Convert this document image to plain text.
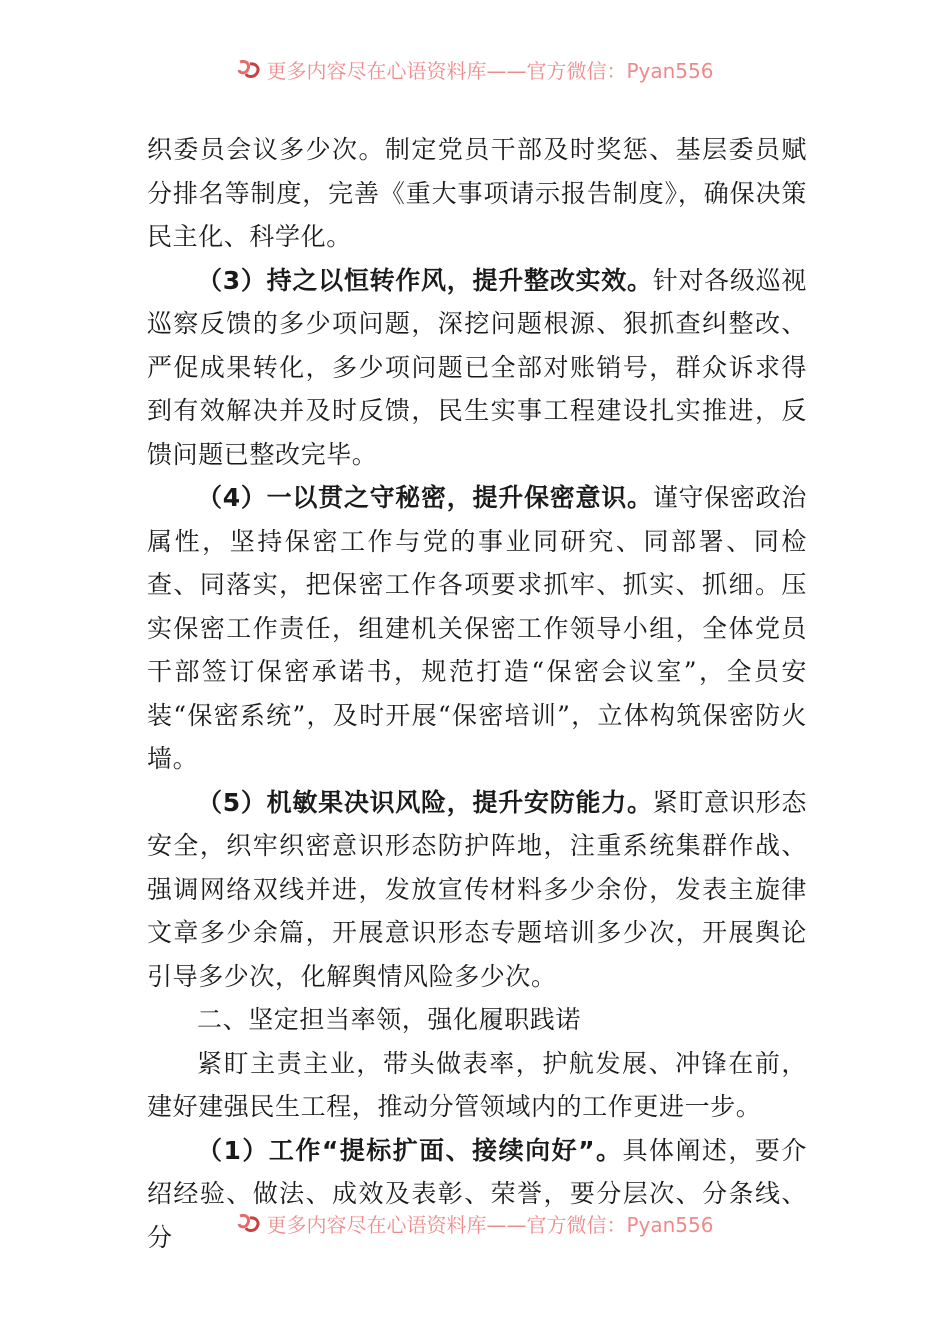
更多内容尽在心语资料库——官方微信：Pyan556

织委员会议多少次。制定党员干部及时奖惩、基层委员赋分排名等制度，完善《重大事项请示报告制度》，确保决策民主化、科学化。

（3）持之以恒转作风，提升整改实效。针对各级巡视巡察反馈的多少项问题，深挖问题根源、狠抓查纠整改、严促成果转化，多少项问题已全部对账销号，群众诉求得到有效解决并及时反馈，民生实事工程建设扎实推进，反馈问题已整改完毕。

（4）一以贯之守秘密，提升保密意识。谨守保密政治属性，坚持保密工作与党的事业同研究、同部署、同检查、同落实，把保密工作各项要求抓牢、抓实、抓细。压实保密工作责任，组建机关保密工作领导小组，全体党员干部签订保密承诺书，规范打造“保密会议室”，全员安装“保密系统”，及时开展“保密培训”，立体构筑保密防火墙。

（5）机敏果决识风险，提升安防能力。紧盯意识形态安全，织牢织密意识形态防护阵地，注重系统集群作战、强调网络双线并进，发放宣传材料多少余份，发表主旋律文章多少余篇，开展意识形态专题培训多少次，开展舆论引导多少次，化解舆情风险多少次。

二、坚定担当率领，强化履职践诺

紧盯主责主业，带头做表率，护航发展、冲锋在前，建好建强民生工程，推动分管领域内的工作更进一步。

（1）工作“提标扩面、接续向好”。具体阐述，要介绍经验、做法、成效及表彰、荣誉，要分层次、分条线、分	更多内容尽在心语资料库——官方微信：Pyan556
